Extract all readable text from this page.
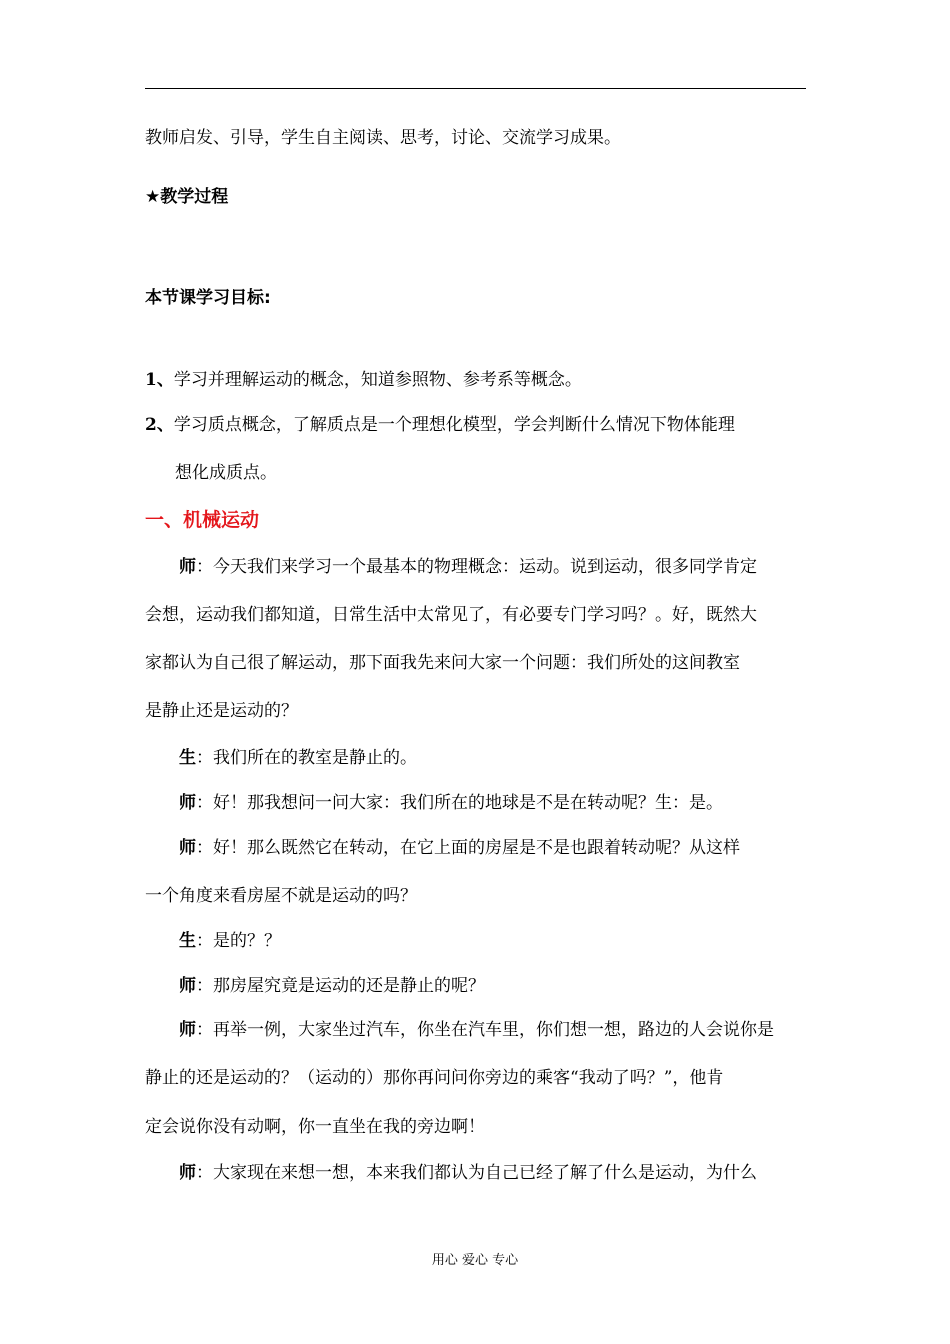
教师启发、引导，学生自主阅读、思考，讨论、交流学习成果。
★教学过程
本节课学习目标:
1、学习并理解运动的概念，知道参照物、参考系等概念。
2、学习质点概念，了解质点是一个理想化模型，学会判断什么情况下物体能理
想化成质点。
一、机械运动
师：今天我们来学习一个最基本的物理概念：运动。说到运动，很多同学肯定
会想，运动我们都知道，日常生活中太常见了，有必要专门学习吗？。好，既然大
家都认为自己很了解运动，那下面我先来问大家一个问题：我们所处的这间教室
是静止还是运动的？
生：我们所在的教室是静止的。
师：好！那我想问一问大家：我们所在的地球是不是在转动呢？生：是。
师：好！那么既然它在转动，在它上面的房屋是不是也跟着转动呢？从这样
一个角度来看房屋不就是运动的吗？
生：是的？？
师：那房屋究竟是运动的还是静止的呢？
师：再举一例，大家坐过汽车，你坐在汽车里，你们想一想，路边的人会说你是
静止的还是运动的？（运动的）那你再问问你旁边的乘客“我动了吗？”，他肯
定会说你没有动啊，你一直坐在我的旁边啊！
师：大家现在来想一想，本来我们都认为自己已经了解了什么是运动，为什么
用心 爱心 专心
